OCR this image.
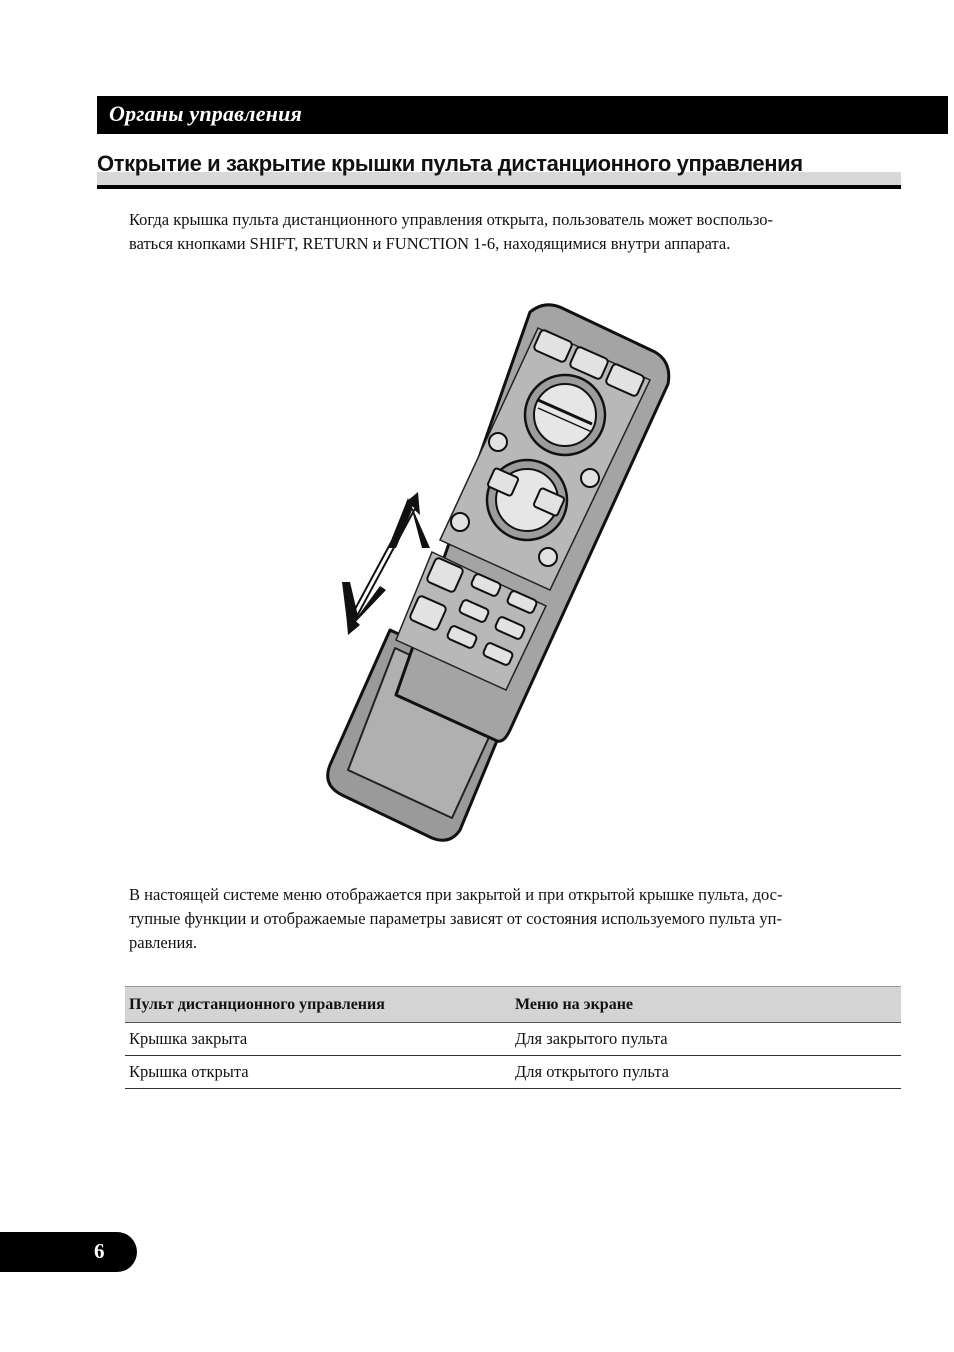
Органы управления
Открытие и закрытие крышки пульта дистанционного управления

Когда крышка пульта дистанционного управления открыта, пользователь может воспользо-
ваться кнопками SHIFT, RETURN и FUNCTION 1-6, находящимися внутри аппарата.

В настоящей системе меню отображается при закрытой и при открытой крышке пульта, дос-
тупные функции и отображаемые параметры зависят от состояния используемого пульта уп-
равления.

Пульт дистанционного управления	Меню на экране
Крышка закрыта	Для закрытого пульта
Крышка открыта	Для открытого пульта
6
